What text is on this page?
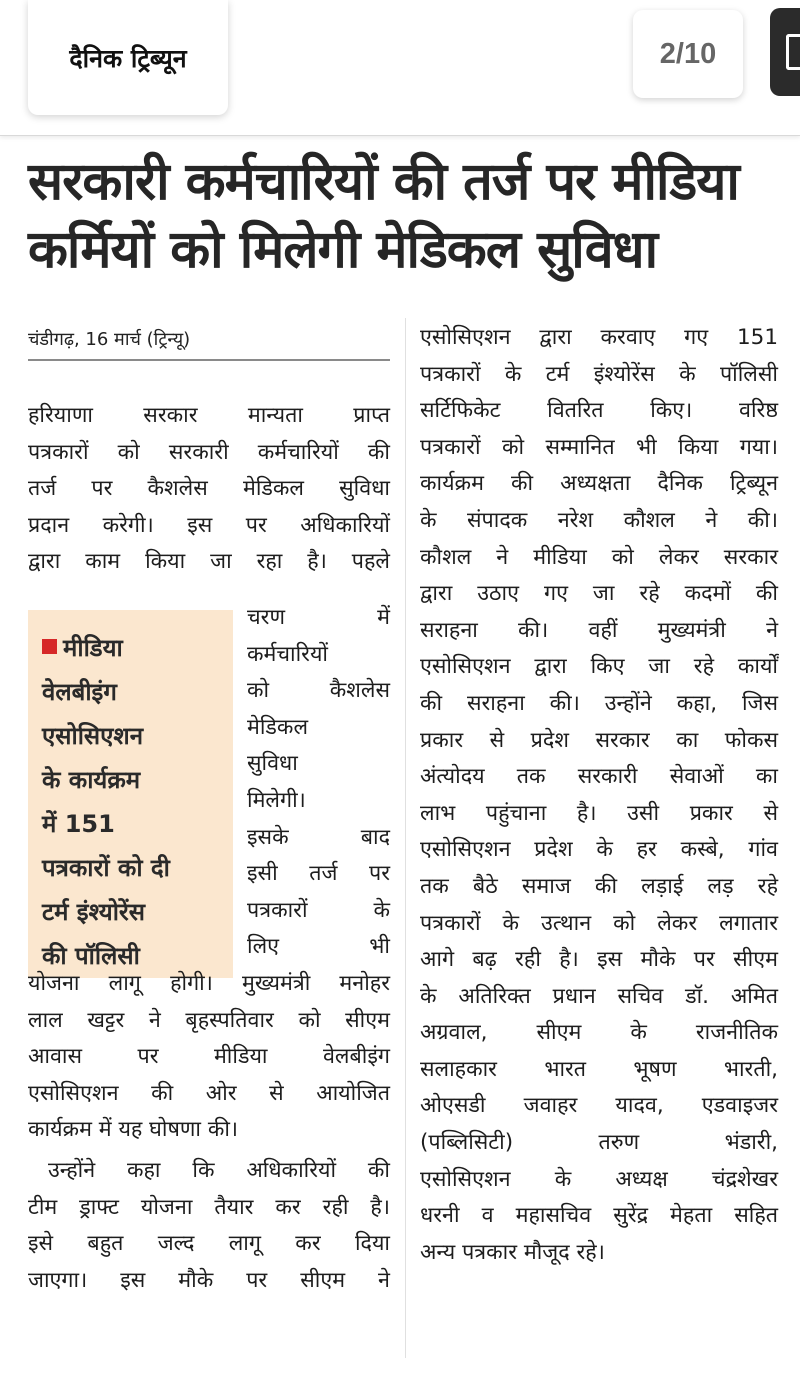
दैनिक ट्रिब्यून	2/10
सरकारी कर्मचारियों की तर्ज पर मीडिया
कर्मियों को मिलेगी मेडिकल सुविधा
चंडीगढ़, 16 मार्च (ट्रिन्यू)

हरियाणा सरकार मान्यता प्राप्त

पत्रकारों को सरकारी कर्मचारियों की

तर्ज पर कैशलेस मेडिकल सुविधा

प्रदान करेगी। इस पर अधिकारियों

द्वारा काम किया जा रहा है। पहले

मीडिया
वेलबीइंग
एसोसिएशन
के कार्यक्रम
में 151
पत्रकारों को दी
टर्म इंश्योरेंस
की पॉलिसी

चरण में

कर्मचारियों

को कैशलेस

मेडिकल

सुविधा

मिलेगी।

इसके बाद

इसी तर्ज पर

पत्रकारों के

लिए भी

योजना लागू होगी। मुख्यमंत्री मनोहर

लाल खट्टर ने बृहस्पतिवार को सीएम

आवास पर मीडिया वेलबीइंग

एसोसिएशन की ओर से आयोजित

कार्यक्रम में यह घोषणा की।

उन्होंने कहा कि अधिकारियों की

टीम ड्राफ्ट योजना तैयार कर रही है।

इसे बहुत जल्द लागू कर दिया

जाएगा। इस मौके पर सीएम ने

एसोसिएशन द्वारा करवाए गए 151

पत्रकारों के टर्म इंश्योरेंस के पॉलिसी

सर्टिफिकेट वितरित किए। वरिष्ठ

पत्रकारों को सम्मानित भी किया गया।

कार्यक्रम की अध्यक्षता दैनिक ट्रिब्यून

के संपादक नरेश कौशल ने की।

कौशल ने मीडिया को लेकर सरकार

द्वारा उठाए गए जा रहे कदमों की

सराहना की। वहीं मुख्यमंत्री ने

एसोसिएशन द्वारा किए जा रहे कार्यों

की सराहना की। उन्होंने कहा, जिस

प्रकार से प्रदेश सरकार का फोकस

अंत्योदय तक सरकारी सेवाओं का

लाभ पहुंचाना है। उसी प्रकार से

एसोसिएशन प्रदेश के हर कस्बे, गांव

तक बैठे समाज की लड़ाई लड़ रहे

पत्रकारों के उत्थान को लेकर लगातार

आगे बढ़ रही है। इस मौके पर सीएम

के अतिरिक्त प्रधान सचिव डॉ. अमित

अग्रवाल, सीएम के राजनीतिक

सलाहकार भारत भूषण भारती,

ओएसडी जवाहर यादव, एडवाइजर

(पब्लिसिटी) तरुण भंडारी,

एसोसिएशन के अध्यक्ष चंद्रशेखर

धरनी व महासचिव सुरेंद्र मेहता सहित

अन्य पत्रकार मौजूद रहे।
